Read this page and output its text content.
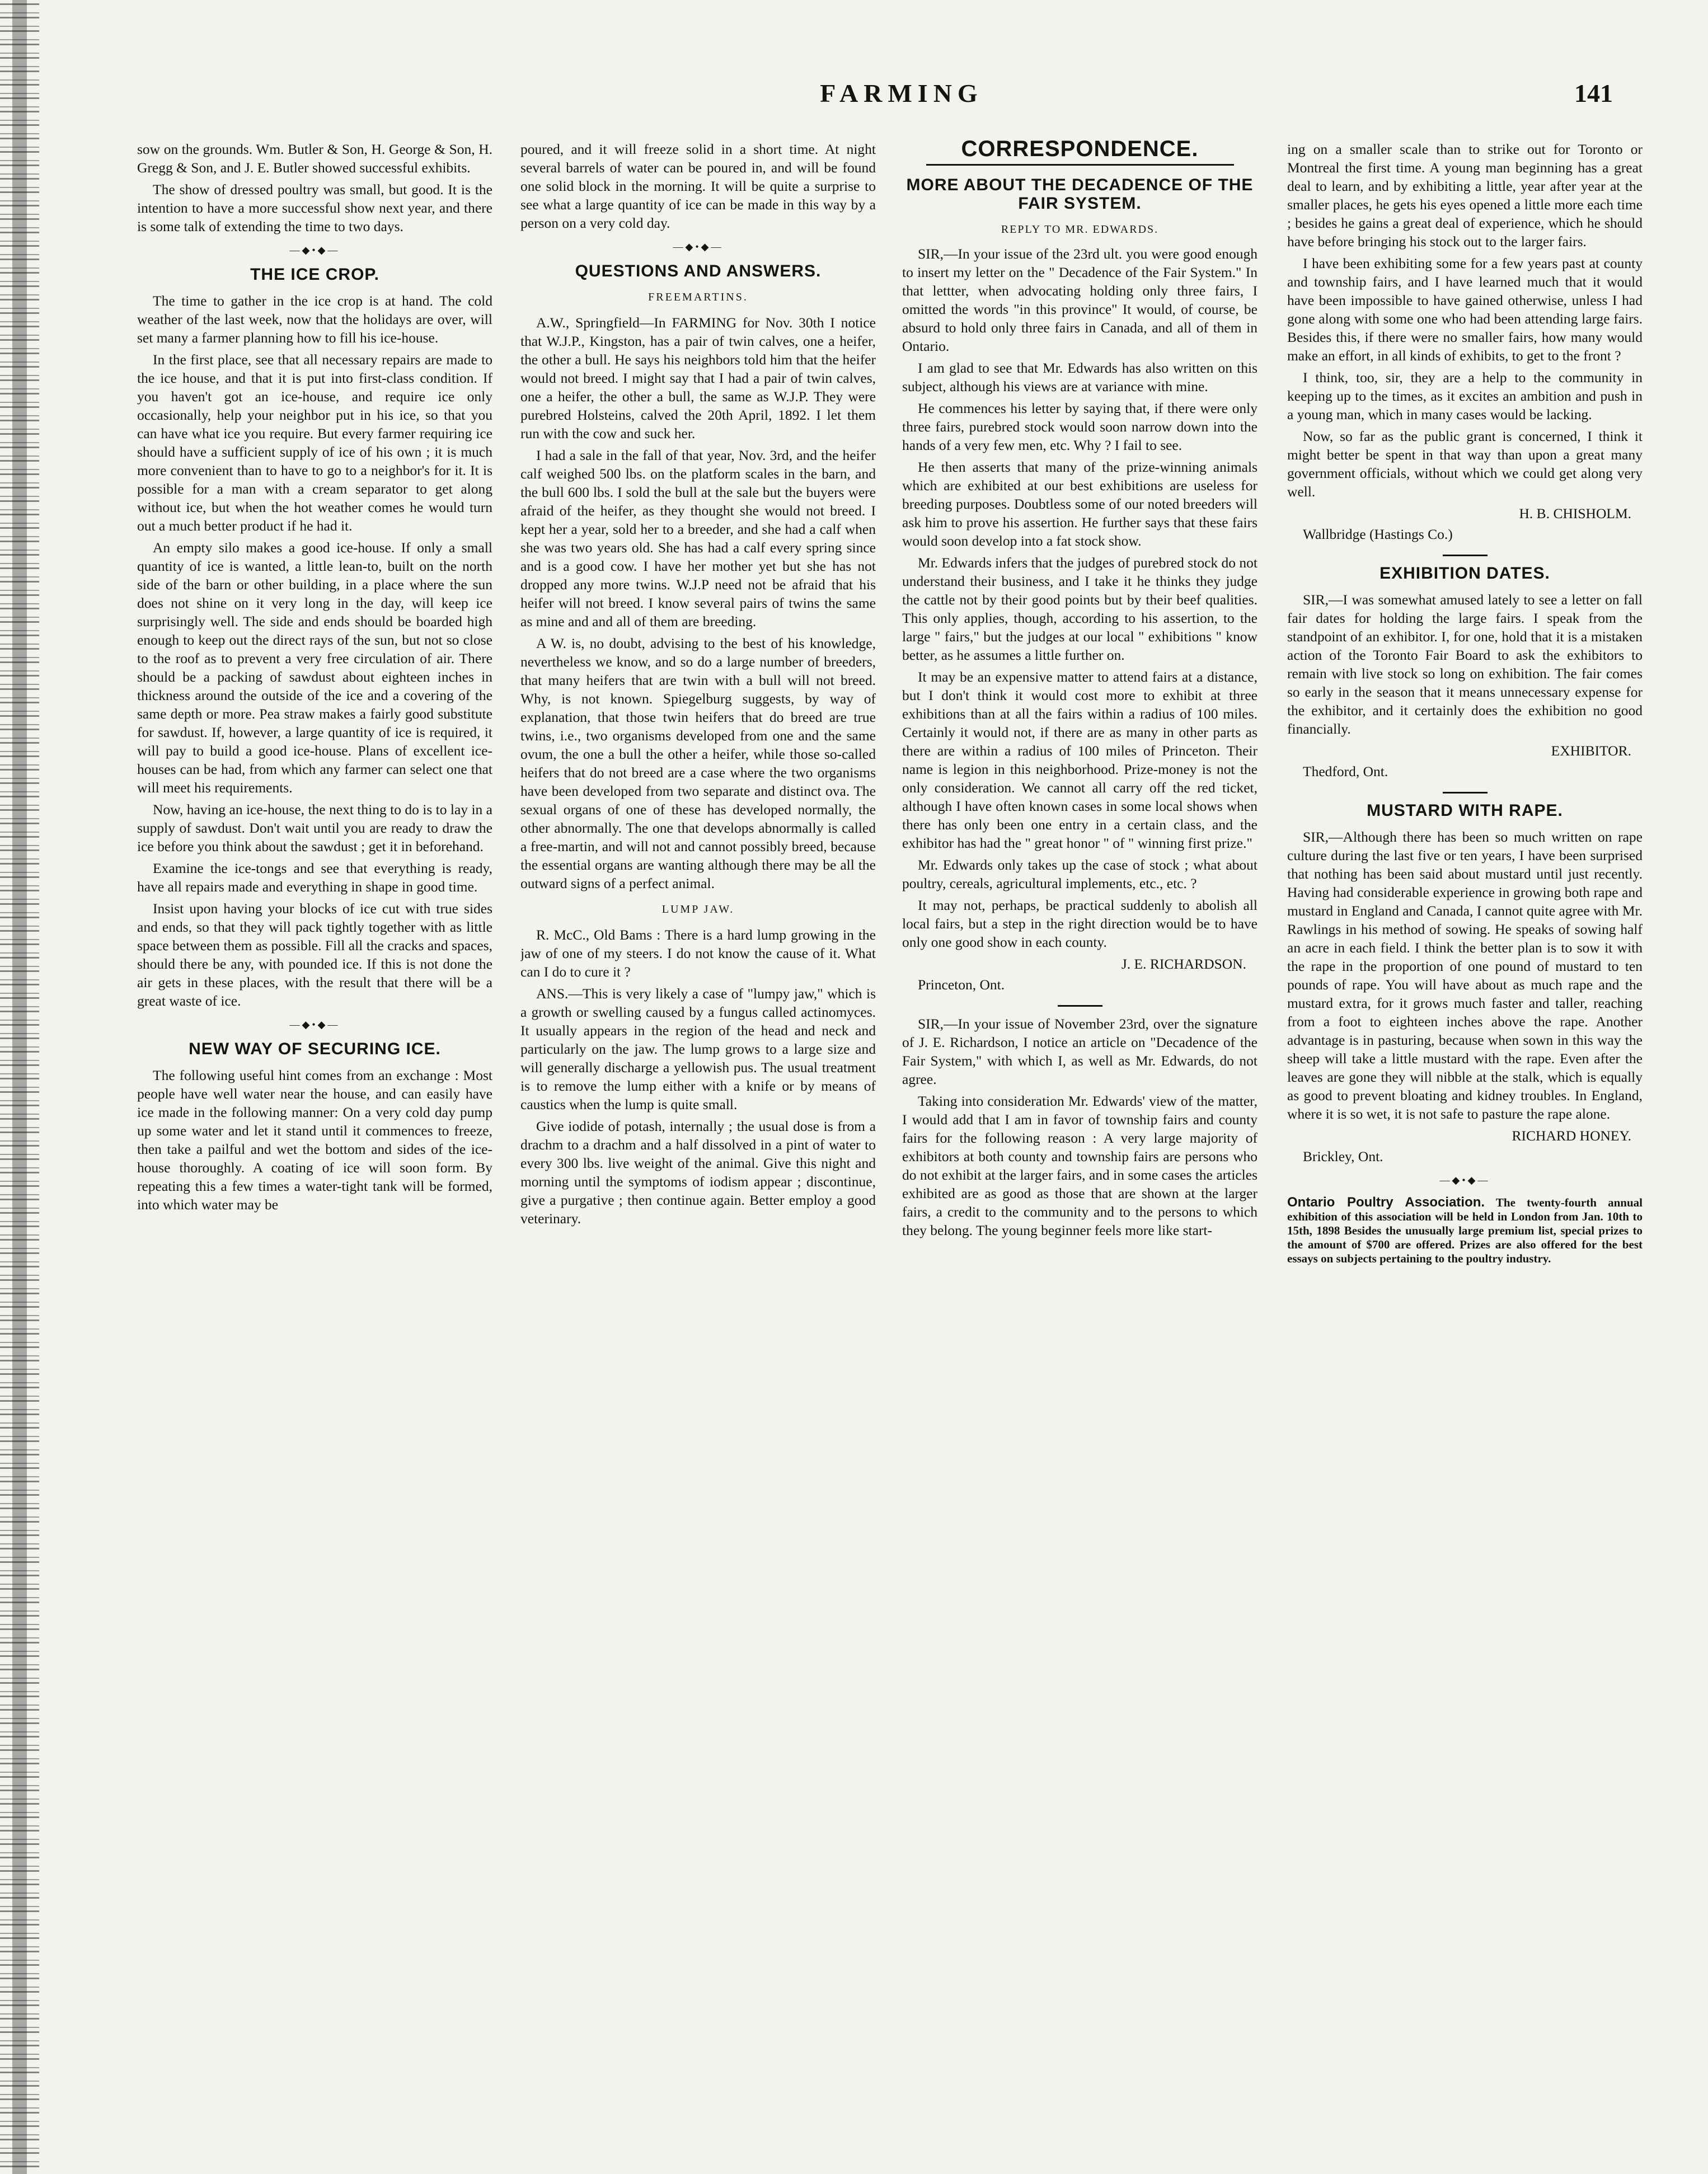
FARMING	141

sow on the grounds. Wm. Butler & Son, H. George & Son, H. Gregg & Son, and J. E. Butler showed successful exhibits.

The show of dressed poultry was small, but good. It is the intention to have a more successful show next year, and there is some talk of extending the time to two days.

—◆•◆—
THE ICE CROP.

The time to gather in the ice crop is at hand. The cold weather of the last week, now that the holidays are over, will set many a farmer planning how to fill his ice-house.

In the first place, see that all necessary repairs are made to the ice house, and that it is put into first-class condition. If you haven't got an ice-house, and require ice only occasionally, help your neighbor put in his ice, so that you can have what ice you require. But every farmer requiring ice should have a sufficient supply of ice of his own ; it is much more convenient than to have to go to a neighbor's for it. It is possible for a man with a cream separator to get along without ice, but when the hot weather comes he would turn out a much better product if he had it.

An empty silo makes a good ice-house. If only a small quantity of ice is wanted, a little lean-to, built on the north side of the barn or other building, in a place where the sun does not shine on it very long in the day, will keep ice surprisingly well. The side and ends should be boarded high enough to keep out the direct rays of the sun, but not so close to the roof as to prevent a very free circulation of air. There should be a packing of sawdust about eighteen inches in thickness around the outside of the ice and a covering of the same depth or more. Pea straw makes a fairly good substitute for sawdust. If, however, a large quantity of ice is required, it will pay to build a good ice-house. Plans of excellent ice-houses can be had, from which any farmer can select one that will meet his requirements.

Now, having an ice-house, the next thing to do is to lay in a supply of sawdust. Don't wait until you are ready to draw the ice before you think about the sawdust ; get it in beforehand.

Examine the ice-tongs and see that everything is ready, have all repairs made and everything in shape in good time.

Insist upon having your blocks of ice cut with true sides and ends, so that they will pack tightly together with as little space between them as possible. Fill all the cracks and spaces, should there be any, with pounded ice. If this is not done the air gets in these places, with the result that there will be a great waste of ice.

—◆•◆—
NEW WAY OF SECURING ICE.

The following useful hint comes from an exchange : Most people have well water near the house, and can easily have ice made in the following manner: On a very cold day pump up some water and let it stand until it commences to freeze, then take a pailful and wet the bottom and sides of the ice-house thoroughly. A coating of ice will soon form. By repeating this a few times a water-tight tank will be formed, into which water may be

poured, and it will freeze solid in a short time. At night several barrels of water can be poured in, and will be found one solid block in the morning. It will be quite a surprise to see what a large quantity of ice can be made in this way by a person on a very cold day.

—◆•◆—
QUESTIONS AND ANSWERS.
FREEMARTINS.

A.W., Springfield—In FARMING for Nov. 30th I notice that W.J.P., Kingston, has a pair of twin calves, one a heifer, the other a bull. He says his neighbors told him that the heifer would not breed. I might say that I had a pair of twin calves, one a heifer, the other a bull, the same as W.J.P. They were purebred Holsteins, calved the 20th April, 1892. I let them run with the cow and suck her.

I had a sale in the fall of that year, Nov. 3rd, and the heifer calf weighed 500 lbs. on the platform scales in the barn, and the bull 600 lbs. I sold the bull at the sale but the buyers were afraid of the heifer, as they thought she would not breed. I kept her a year, sold her to a breeder, and she had a calf when she was two years old. She has had a calf every spring since and is a good cow. I have her mother yet but she has not dropped any more twins. W.J.P need not be afraid that his heifer will not breed. I know several pairs of twins the same as mine and and all of them are breeding.

A W. is, no doubt, advising to the best of his knowledge, nevertheless we know, and so do a large number of breeders, that many heifers that are twin with a bull will not breed. Why, is not known. Spiegelburg suggests, by way of explanation, that those twin heifers that do breed are true twins, i.e., two organisms developed from one and the same ovum, the one a bull the other a heifer, while those so-called heifers that do not breed are a case where the two organisms have been developed from two separate and distinct ova. The sexual organs of one of these has developed normally, the other abnormally. The one that develops abnormally is called a free-martin, and will not and cannot possibly breed, because the essential organs are wanting although there may be all the outward signs of a perfect animal.

LUMP JAW.

R. McC., Old Bams : There is a hard lump growing in the jaw of one of my steers. I do not know the cause of it. What can I do to cure it ?

ANS.—This is very likely a case of "lumpy jaw," which is a growth or swelling caused by a fungus called actinomyces. It usually appears in the region of the head and neck and particularly on the jaw. The lump grows to a large size and will generally discharge a yellowish pus. The usual treatment is to remove the lump either with a knife or by means of caustics when the lump is quite small.

Give iodide of potash, internally ; the usual dose is from a drachm to a drachm and a half dissolved in a pint of water to every 300 lbs. live weight of the animal. Give this night and morning until the symptoms of iodism appear ; discontinue, give a purgative ; then continue again. Better employ a good veterinary.

CORRESPONDENCE.
MORE ABOUT THE DECADENCE OF THE FAIR SYSTEM.
REPLY TO MR. EDWARDS.

SIR,—In your issue of the 23rd ult. you were good enough to insert my letter on the " Decadence of the Fair System." In that lettter, when advocating holding only three fairs, I omitted the words "in this province" It would, of course, be absurd to hold only three fairs in Canada, and all of them in Ontario.

I am glad to see that Mr. Edwards has also written on this subject, although his views are at variance with mine.

He commences his letter by saying that, if there were only three fairs, purebred stock would soon narrow down into the hands of a very few men, etc. Why ? I fail to see.

He then asserts that many of the prize-winning animals which are exhibited at our best exhibitions are useless for breeding purposes. Doubtless some of our noted breeders will ask him to prove his assertion. He further says that these fairs would soon develop into a fat stock show.

Mr. Edwards infers that the judges of purebred stock do not understand their business, and I take it he thinks they judge the cattle not by their good points but by their beef qualities. This only applies, though, according to his assertion, to the large " fairs," but the judges at our local " exhibitions " know better, as he assumes a little further on.

It may be an expensive matter to attend fairs at a distance, but I don't think it would cost more to exhibit at three exhibitions than at all the fairs within a radius of 100 miles. Certainly it would not, if there are as many in other parts as there are within a radius of 100 miles of Princeton. Their name is legion in this neighborhood. Prize-money is not the only consideration. We cannot all carry off the red ticket, although I have often known cases in some local shows when there has only been one entry in a certain class, and the exhibitor has had the " great honor " of " winning first prize."

Mr. Edwards only takes up the case of stock ; what about poultry, cereals, agricultural implements, etc., etc. ?

It may not, perhaps, be practical suddenly to abolish all local fairs, but a step in the right direction would be to have only one good show in each county.

J. E. RICHARDSON.
Princeton, Ont.

SIR,—In your issue of November 23rd, over the signature of J. E. Richardson, I notice an article on "Decadence of the Fair System," with which I, as well as Mr. Edwards, do not agree.

Taking into consideration Mr. Edwards' view of the matter, I would add that I am in favor of township fairs and county fairs for the following reason : A very large majority of exhibitors at both county and township fairs are persons who do not exhibit at the larger fairs, and in some cases the articles exhibited are as good as those that are shown at the larger fairs, a credit to the community and to the persons to which they belong. The young beginner feels more like start-

ing on a smaller scale than to strike out for Toronto or Montreal the first time. A young man beginning has a great deal to learn, and by exhibiting a little, year after year at the smaller places, he gets his eyes opened a little more each time ; besides he gains a great deal of experience, which he should have before bringing his stock out to the larger fairs.

I have been exhibiting some for a few years past at county and township fairs, and I have learned much that it would have been impossible to have gained otherwise, unless I had gone along with some one who had been attending large fairs. Besides this, if there were no smaller fairs, how many would make an effort, in all kinds of exhibits, to get to the front ?

I think, too, sir, they are a help to the community in keeping up to the times, as it excites an ambition and push in a young man, which in many cases would be lacking.

Now, so far as the public grant is concerned, I think it might better be spent in that way than upon a great many government officials, without which we could get along very well.

H. B. CHISHOLM.
Wallbridge (Hastings Co.)
EXHIBITION DATES.

SIR,—I was somewhat amused lately to see a letter on fall fair dates for holding the large fairs. I speak from the standpoint of an exhibitor. I, for one, hold that it is a mistaken action of the Toronto Fair Board to ask the exhibitors to remain with live stock so long on exhibition. The fair comes so early in the season that it means unnecessary expense for the exhibitor, and it certainly does the exhibition no good financially.

EXHIBITOR.
Thedford, Ont.
MUSTARD WITH RAPE.

SIR,—Although there has been so much written on rape culture during the last five or ten years, I have been surprised that nothing has been said about mustard until just recently. Having had considerable experience in growing both rape and mustard in England and Canada, I cannot quite agree with Mr. Rawlings in his method of sowing. He speaks of sowing half an acre in each field. I think the better plan is to sow it with the rape in the proportion of one pound of mustard to ten pounds of rape. You will have about as much rape and the mustard extra, for it grows much faster and taller, reaching from a foot to eighteen inches above the rape. Another advantage is in pasturing, because when sown in this way the sheep will take a little mustard with the rape. Even after the leaves are gone they will nibble at the stalk, which is equally as good to prevent bloating and kidney troubles. In England, where it is so wet, it is not safe to pasture the rape alone.

RICHARD HONEY.
Brickley, Ont.
—◆•◆—
Ontario Poultry Association. The twenty-fourth annual exhibition of this association will be held in London from Jan. 10th to 15th, 1898 Besides the unusually large premium list, special prizes to the amount of $700 are offered. Prizes are also offered for the best essays on subjects pertaining to the poultry industry.
